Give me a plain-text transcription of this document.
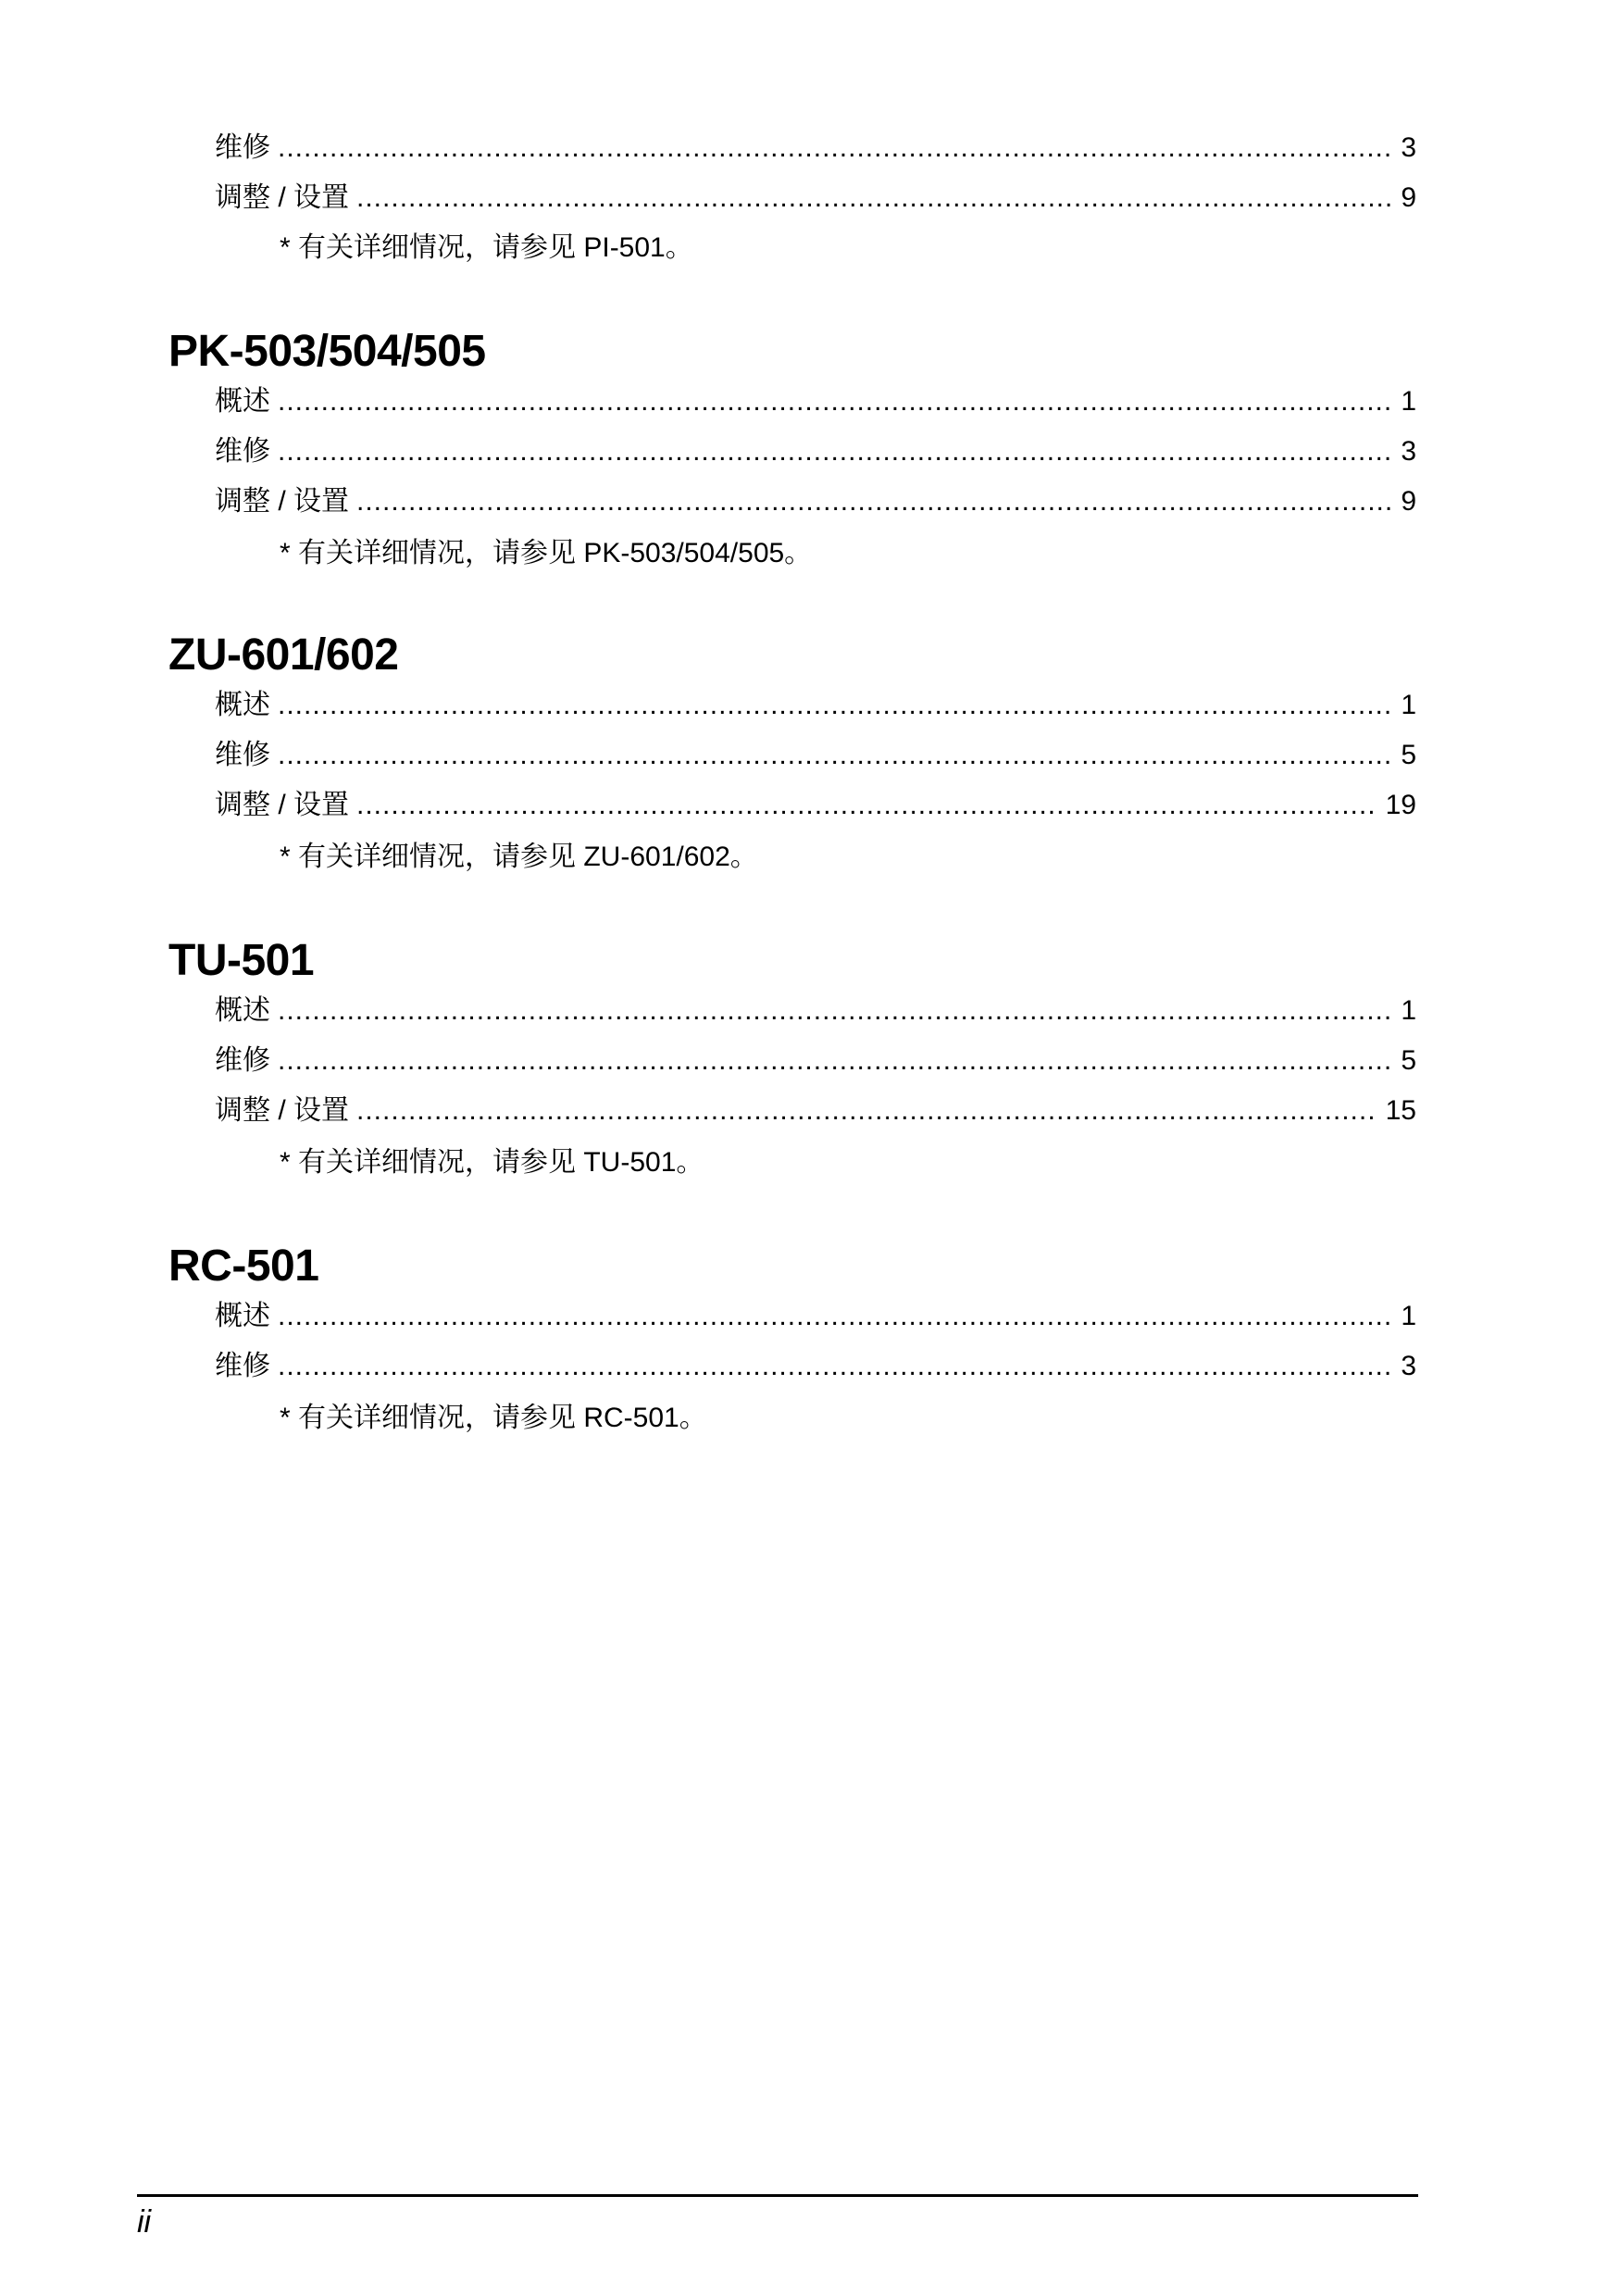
维修 .....	3
调整 / 设置 .....	9
* 有关详细情况，请参见 PI-501。
PK-503/504/505
概述 .....	1
维修 .....	3
调整 / 设置 .....	9
* 有关详细情况，请参见 PK-503/504/505。
ZU-601/602
概述 .....	1
维修 .....	5
调整 / 设置 .....	19
* 有关详细情况，请参见 ZU-601/602。
TU-501
概述 .....	1
维修 .....	5
调整 / 设置 .....	15
* 有关详细情况，请参见 TU-501。
RC-501
概述 .....	1
维修 .....	3
* 有关详细情况，请参见 RC-501。
ii
